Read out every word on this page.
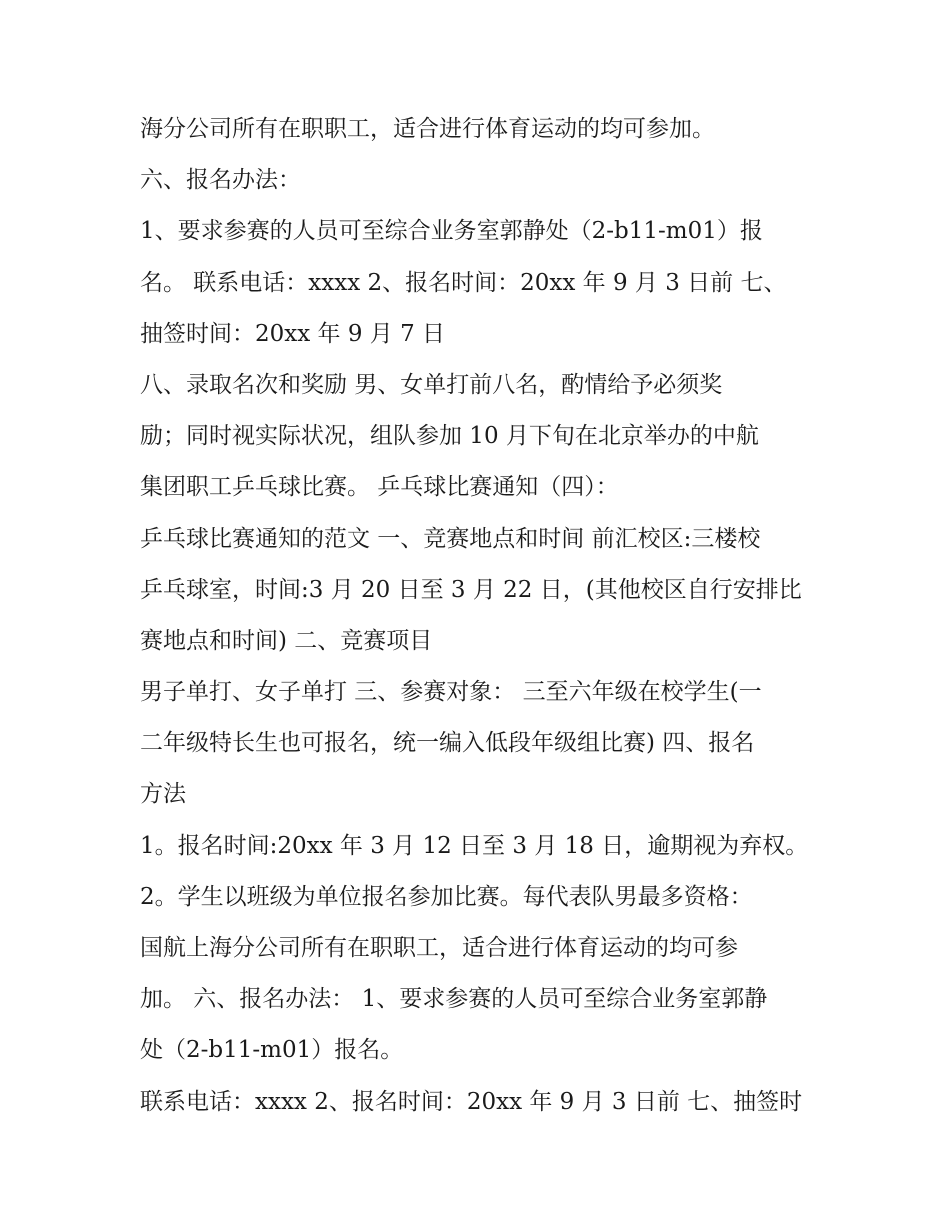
海分公司所有在职职工，适合进行体育运动的均可参加。
六、报名办法：
1、要求参赛的人员可至综合业务室郭静处（2-b11-m01）报
名。 联系电话：xxxx 2、报名时间：20xx 年 9 月 3 日前 七、
抽签时间：20xx 年 9 月 7 日
八、录取名次和奖励 男、女单打前八名，酌情给予必须奖
励；同时视实际状况，组队参加 10 月下旬在北京举办的中航
集团职工乒乓球比赛。 乒乓球比赛通知（四）：
乒乓球比赛通知的范文 一、竞赛地点和时间 前汇校区:三楼校
乒乓球室，时间:3 月 20 日至 3 月 22 日，(其他校区自行安排比
赛地点和时间) 二、竞赛项目
男子单打、女子单打 三、参赛对象： 三至六年级在校学生(一
二年级特长生也可报名，统一编入低段年级组比赛) 四、报名
方法
1。报名时间:20xx 年 3 月 12 日至 3 月 18 日，逾期视为弃权。
2。学生以班级为单位报名参加比赛。每代表队男最多资格：
国航上海分公司所有在职职工，适合进行体育运动的均可参
加。 六、报名办法： 1、要求参赛的人员可至综合业务室郭静
处（2-b11-m01）报名。
联系电话：xxxx 2、报名时间：20xx 年 9 月 3 日前 七、抽签时
